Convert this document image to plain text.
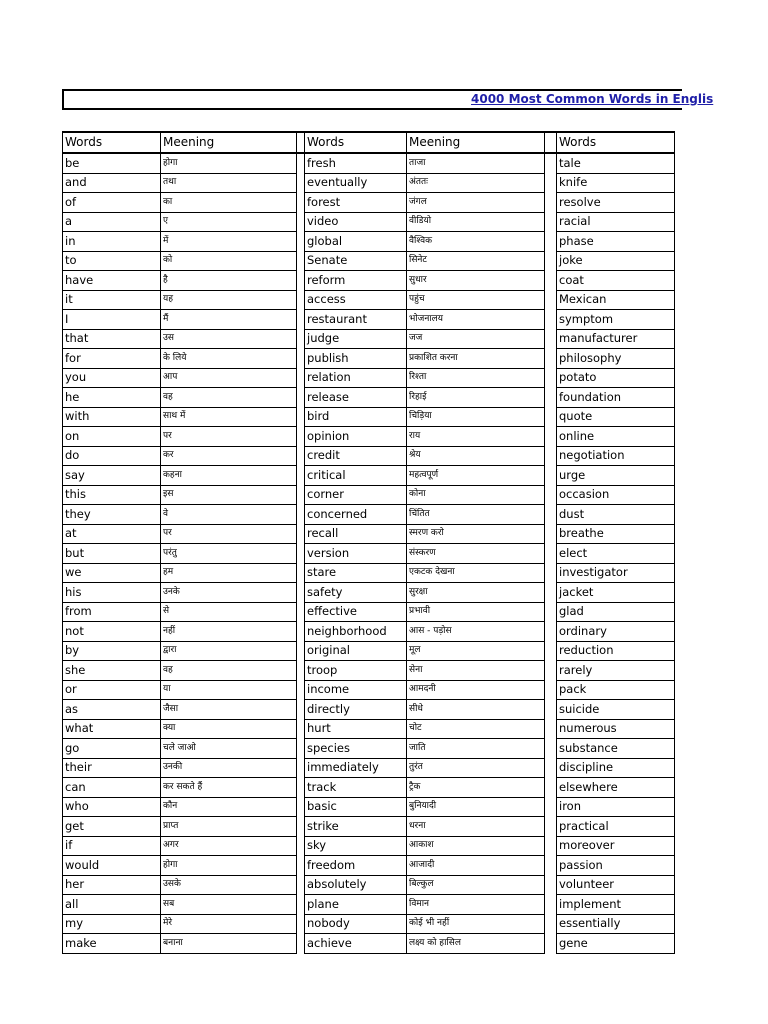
4000 Most Common Words in Englis
Words	Meening		Words	Meening		Words
be	होगा		fresh	ताजा		tale
and	तथा		eventually	अंततः		knife
of	का		forest	जंगल		resolve
a	ए		video	वीडियो		racial
in	में		global	वैश्विक		phase
to	को		Senate	सिनेट		joke
have	है		reform	सुधार		coat
it	यह		access	पहुंच		Mexican
I	मैं		restaurant	भोजनालय		symptom
that	उस		judge	जज		manufacturer
for	के लिये		publish	प्रकाशित करना		philosophy
you	आप		relation	रिश्ता		potato
he	वह		release	रिहाई		foundation
with	साथ में		bird	चिड़िया		quote
on	पर		opinion	राय		online
do	कर		credit	श्रेय		negotiation
say	कहना		critical	महत्वपूर्ण		urge
this	इस		corner	कोना		occasion
they	वे		concerned	चिंतित		dust
at	पर		recall	स्मरण करो		breathe
but	परंतु		version	संस्करण		elect
we	हम		stare	एकटक देखना		investigator
his	उनके		safety	सुरक्षा		jacket
from	से		effective	प्रभावी		glad
not	नहीं		neighborhood	आस - पड़ोस		ordinary
by	द्वारा		original	मूल		reduction
she	वह		troop	सेना		rarely
or	या		income	आमदनी		pack
as	जैसा		directly	सीधे		suicide
what	क्या		hurt	चोट		numerous
go	चले जाओ		species	जाति		substance
their	उनकी		immediately	तुरंत		discipline
can	कर सकते हैं		track	ट्रैक		elsewhere
who	कौन		basic	बुनियादी		iron
get	प्राप्त		strike	धरना		practical
if	अगर		sky	आकाश		moreover
would	होगा		freedom	आजादी		passion
her	उसके		absolutely	बिल्कुल		volunteer
all	सब		plane	विमान		implement
my	मेरे		nobody	कोई भी नहीं		essentially
make	बनाना		achieve	लक्ष्य को हासिल		gene
